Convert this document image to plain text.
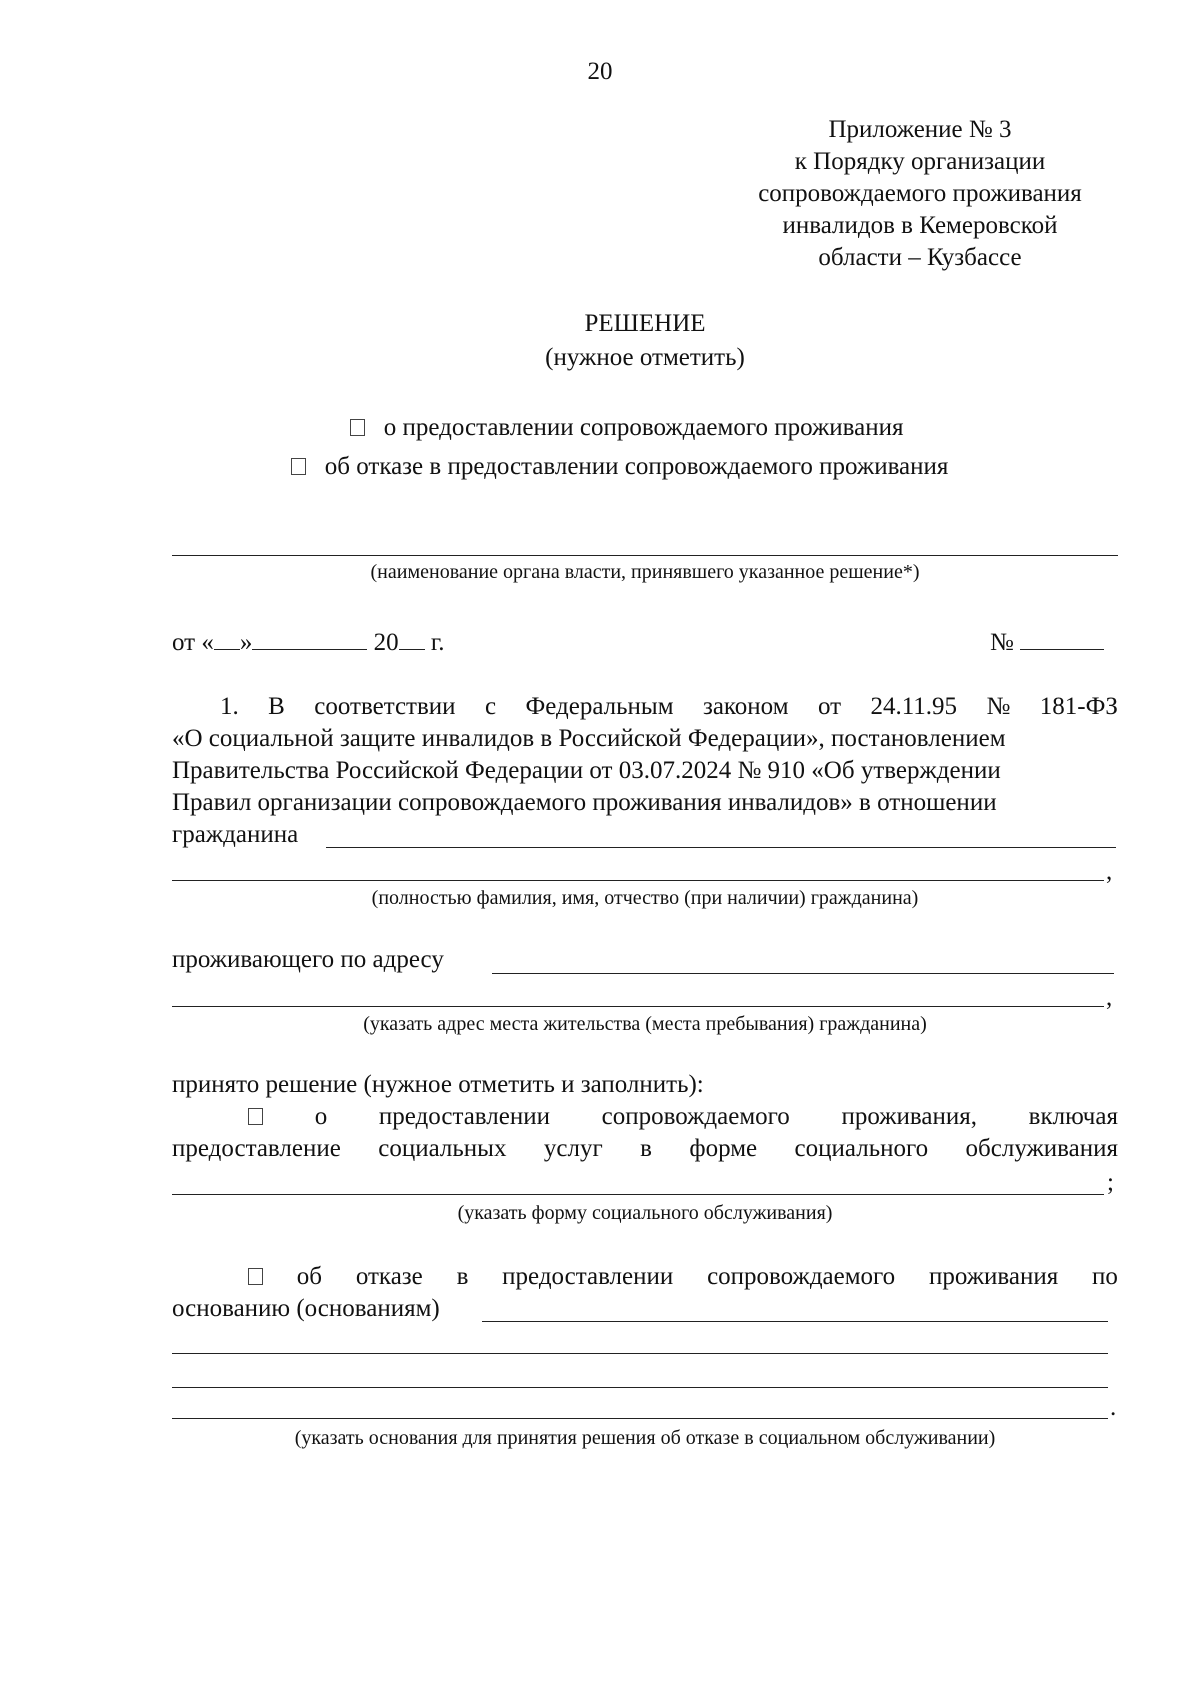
20
Приложение № 3
к Порядку организации
сопровождаемого проживания
инвалидов в Кемеровской
области – Кузбассе
РЕШЕНИЕ
(нужное отметить)
о предоставлении сопровождаемого проживания
об отказе в предоставлении сопровождаемого проживания
(наименование органа власти, принявшего указанное решение*)
от « »	20 г.	№
1. В соответствии с Федеральным законом от 24.11.95 № 181-ФЗ
«О социальной защите инвалидов в Российской Федерации», постановлением
Правительства Российской Федерации от 03.07.2024 № 910 «Об утверждении
Правил организации сопровождаемого проживания инвалидов» в отношении
гражданина
,
(полностью фамилия, имя, отчество (при наличии) гражданина)
проживающего по адресу
,
(указать адрес места жительства (места пребывания) гражданина)
принято решение (нужное отметить и заполнить):
о предоставлении сопровождаемого проживания, включая
предоставление социальных услуг в форме социального обслуживания
;
(указать форму социального обслуживания)
об отказе в предоставлении сопровождаемого проживания по
основанию (основаниям)
.
(указать основания для принятия решения об отказе в социальном обслуживании)
